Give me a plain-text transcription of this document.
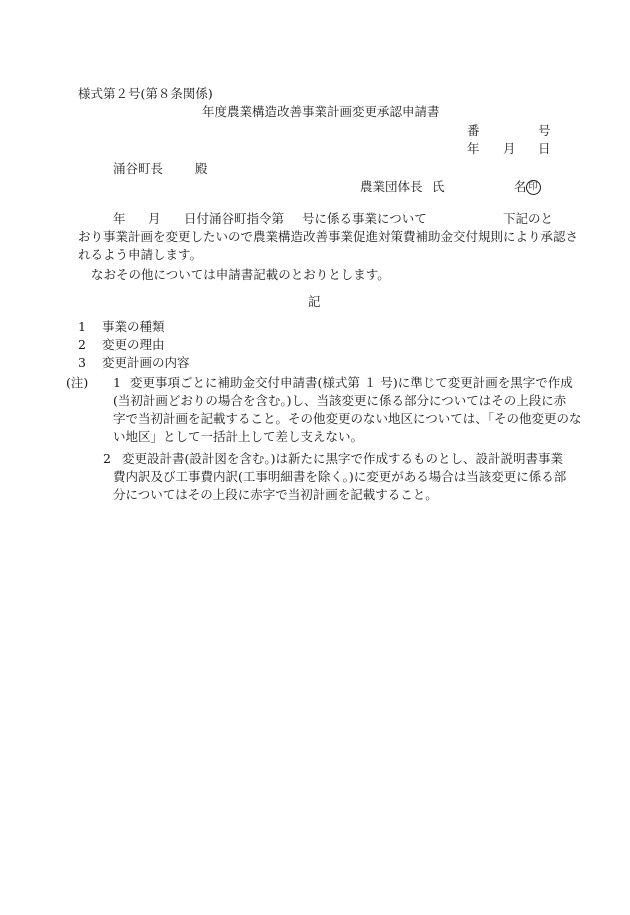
様式第２号(第８条関係)
年度農業構造改善事業計画変更承認申請書
番	号
年 月 日
涌谷町長	殿
農業団体長 氏	名 印
年 月 日付涌谷町指令第 号に係る事業について	下記のと
おり事業計画を変更したいので農業構造改善事業促進対策費補助金交付規則により承認さ
れるよう申請します。
なおその他については申請書記載のとおりとします。
記
1 事業の種類
2 変更の理由
3 変更計画の内容
(注) 1 変更事項ごとに補助金交付申請書(様式第 １ 号)に準じて変更計画を黒字で作成
(当初計画どおりの場合を含む。)し、当該変更に係る部分についてはその上段に赤
字で当初計画を記載すること。その他変更のない地区については、「その他変更のな
い地区」として一括計上して差し支えない。
2 変更設計書(設計図を含む。)は新たに黒字で作成するものとし、設計説明書事業
費内訳及び工事費内訳(工事明細書を除く。)に変更がある場合は当該変更に係る部
分についてはその上段に赤字で当初計画を記載すること。
